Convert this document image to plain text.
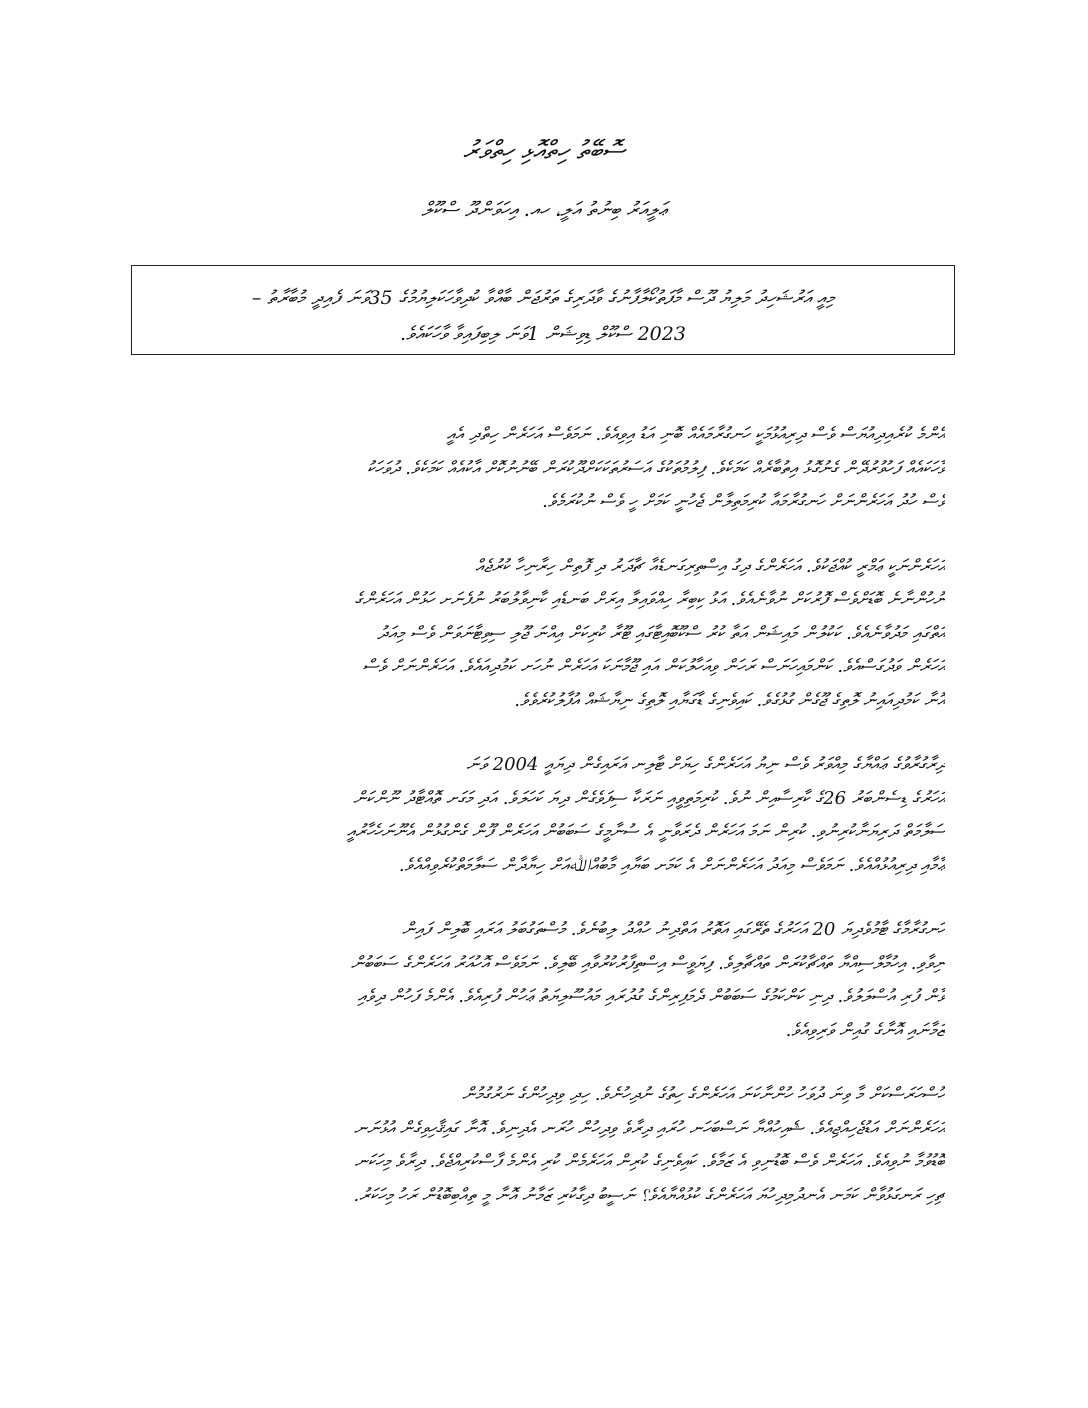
ސޮބޭތު ހިތްއޮޅި ހިތްވަރު
ޢަލީއަރު ބިނުތު އަލީ، ހއ. އިހަވަންދޫ ސްކޫލް
މިއީ އަރުޝަހިދު މަލިޔު ދޫސް މާފަތުކޯލާފާނުގެ ވާދަރިގެ ތަރުޖަން ބާއްވާ ކުދިވާހަކަލިޔުމުގެ 35ވަނަ ފެއިދީ މުބާރާތު –
2023 ސްކޫލް ޑިވިޝަން 1ވަނަ ލިބިފައިވާ ވާހަކައެވެ.
އެންމެ ކުރެއިދިއުޔަސް ވެސް ދިރިއުޅުމަކީ ހަނގުރާމައެއް ބޮނި އަޑު އިވިއެވެ. ނަމަވެސް އަހަރެން ހިތްދި އެއީ
ވާހަކައެއް ފަހުވުރުދޭން ގެނުގޮޅު އިތުބާރެއް ކަމަކެވެ. ފިލުމުތަކުގެ އަސަރުތަކަކަށްދޫކުރަން ބޭނުނުކޮށް އާކުއެއް ކަމަކެވެ. ދުވަހަކު
ވެސް ހުދު އަހަރެންނަށް ހަނގުރާމައާ ކުރިމަތިލާން ޖެހުނީ ކަމަށް ހީ ވެސް ނުކުރަމެވެ.
އަހަރެންނަކީ ޢަމްރީ ކުއްޖަކުވެ. އަހަރެންގެ ދިގު އިސްތިރިގަނޑެއާ ޗާދަރު ދި ފޮތިން ހިރާނިހާ ކުރުޖެއް
ނުހުންނާނެ ބޮޑަށްވެސް ފޮރުކަށް ނުވާނެއެވެ. އަޅު ކިބިރާ ހިއްވައިލާ އިރަށް ބަނޑެއި ކާނިވާލުބަރު ނުފެނަށ ހަޅުން އަހަރެންގެ
އަތްގައި މަދުވާނެއެވެ. ކަކުލުން މައިޝަން އަތާ ކުރު ސްކޫބޮއިޓާގައި ޓޫރާ ކުރިކަށް އިއްނަ ޖޫލި ސިވިޓާނަވަން ވެސް މިއަދު
އަހަރެން ވަދުގަސްއެވެ. ކަންމައިހަނަސް ރަހަން ވިއަހާލުކަން އައި ޖޫމާނަކަ އަހަރެން ނުހަށ ކަމުދިއައެވެ. އަހަރެންނަށް ވެސް
އޮނާ ކަމުދިއައިނު ލޮތިގެ ޖޫގެން ގުޅުގެވެ. ކައިވެނިގެ ޑާގަޔާއި ލޮތިގެ ނިޔާޝައް އުފާލުކުރެވެވެ.
ދިރާގުރާވުގެ ޢައްޔާގެ މިއްވަރު ވެސް ނިޔު އަހަރެންގެ ހިޔަށް ޓާލިނ އަރައިގެން ދިޔައީ 2004 ވަނަ
އަހަރުގެ ޑިސެންބަރު 26ގެ ކާރިސާއިން ނުވެ. ކުރިމަތިވީއި ނަރަކާ ސިފަވެގެން ދިޔަ ކަހަލަވެ. އަދި މަގަށ ތޮއްޓާދު ނޫންކަން
ސަލާމަތް ދަރިޔަނާކުރިނުވި. ކުރިން ނަމަ އަހަރެން ދެރަވާނީ އެ ސުނާމީގެ ސަބަބުން އަހަރެން ފޫން ގެންގުޅުން އެނޫނަހެހާރުއީ
ޢާމާއި ދިރިއުޅުއްއެވެ. ނަމަވެސް މިއަދު އަހަރެންނަށް އެ ކަމަށ ބަޔާއި މާބުއްﷲއަށް ހިޔާދާން ސަލާމަތްކުރެވިއްއެވެ.
ހަނގުރާމާގެ ޓާމުވެދިޔަ 20 އަހަރުގެ ތެރޭގައި އަތޮރު އަތްދިނު ހުއްދު ލިބުނެވެ. މުސްތަގުބަލު އަރައި ބޮލިން ފައިން
ނިވާވި. އިހުމާލްސިއްޔާ ތައްޗާކުރަން ތައްޗާލިވެ. ފިޔަވީސް އިސްތިފާރުކުރުވާއި ބޭލިވެ. ނަމަވެސް އޮހުއަރު އަހަރެންގެ ސަބަބުން
ވާން ފުރި އުސްލަލުވެ. ދިނި ކަންކަމުގެ ސަބަބުން ދެމަފިރިންގެ ގުދުރައި މައުސޫލިޔަތު ޢަހުން ފުރިއެވެ. އެންމެ ފަހުން ދިވެއި
ޒަމާނައި އޮނާގެ ގުއިން ވަރިވިއެވެ.
ހުސްހަރަސްކަށް މާ ވިނަ ދުވަހު ހުންނާކަނަ އަހަރެންގެ ހިތުގެ ނުދިހުނެވެ. ހިދި ވިދިހުންގެ ނަރުގުމުން
އަހަރެންނަށް އަޑުޖެހިއްޖިއެވެ. ޝެއިހުއްޔާ ނަސްބަހަނ ހުރައި ދިރާވެ ވިދިހުން ހުރަނ އެދިނިވެ. އޮނާ ގައިޤާހިވިގެން އުޅުނަނ
ބޮޑުވުމާ ނުވިއެވެ. އަހަރެން ވެސް ބޮޑުނިވި އެ ޒަމާވެ. ކައިވެނިގެ ކުރިން އަހަރެމެން ކުރި އެންމެ ފާސްކުރިއްޖެވެ. ދިރާވެ މިހަކަނ
ޗިހި ރަނގަޅުވާން ކަމަނ އެނދުމިދިހުޔަ އަހަރެންގެ ކުޅުއްޔާއެވެ؟ ނަސީބު ދިގާކުރި ޒަމާނު އޮނާ މީ ތިއްބިބޮޑުން ރަހު މިހަކަރު.
